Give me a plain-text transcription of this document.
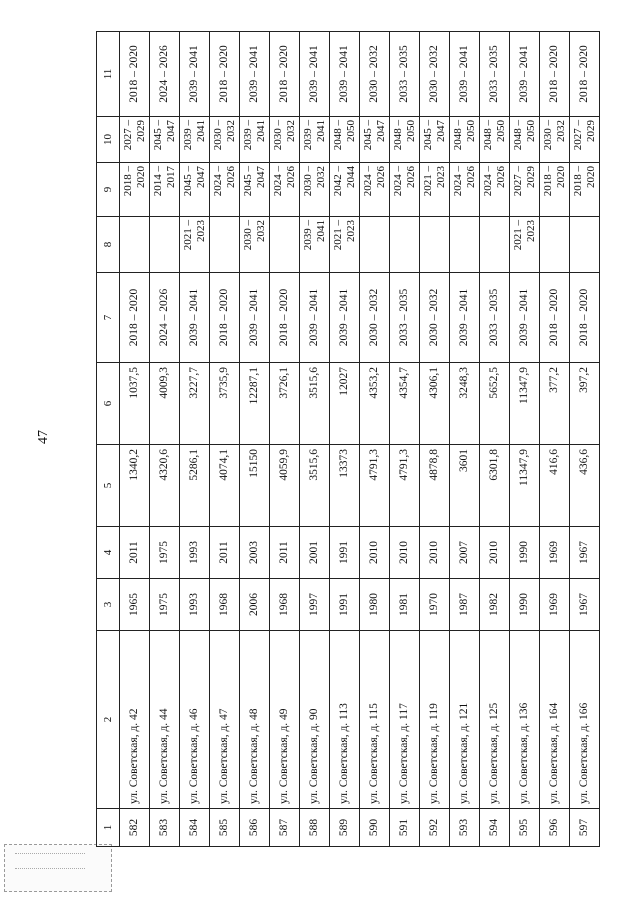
47
1	2	3	4	5	6	7	8	9	10	11
582	ул. Советская, д. 42	1965	2011	1340,2	1037,5	2018 – 2020		2018 – 2020	2027 – 2029	2018 – 2020
583	ул. Советская, д. 44	1975	1975	4320,6	4009,3	2024 – 2026		2014 – 2017	2045 – 2047	2024 – 2026
584	ул. Советская, д. 46	1993	1993	5286,1	3227,7	2039 – 2041	2021 – 2023	2045 – 2047	2039 – 2041	2039 – 2041
585	ул. Советская, д. 47	1968	2011	4074,1	3735,9	2018 – 2020		2024 – 2026	2030 – 2032	2018 – 2020
586	ул. Советская, д. 48	2006	2003	15150	12287,1	2039 – 2041	2030 – 2032	2045 – 2047	2039 – 2041	2039 – 2041
587	ул. Советская, д. 49	1968	2011	4059,9	3726,1	2018 – 2020		2024 – 2026	2030 – 2032	2018 – 2020
588	ул. Советская, д. 90	1997	2001	3515,6	3515,6	2039 – 2041	2039 – 2041	2030 – 2032	2039 – 2041	2039 – 2041
589	ул. Советская, д. 113	1991	1991	13373	12027	2039 – 2041	2021 – 2023	2042 – 2044	2048 – 2050	2039 – 2041
590	ул. Советская, д. 115	1980	2010	4791,3	4353,2	2030 – 2032		2024 – 2026	2045 – 2047	2030 – 2032
591	ул. Советская, д. 117	1981	2010	4791,3	4354,7	2033 – 2035		2024 – 2026	2048 – 2050	2033 – 2035
592	ул. Советская, д. 119	1970	2010	4878,8	4306,1	2030 – 2032		2021 – 2023	2045 – 2047	2030 – 2032
593	ул. Советская, д. 121	1987	2007	3601	3248,3	2039 – 2041		2024 – 2026	2048 – 2050	2039 – 2041
594	ул. Советская, д. 125	1982	2010	6301,8	5652,5	2033 – 2035		2024 – 2026	2048 – 2050	2033 – 2035
595	ул. Советская, д. 136	1990	1990	11347,9	11347,9	2039 – 2041	2021 – 2023	2027 – 2029	2048 – 2050	2039 – 2041
596	ул. Советская, д. 164	1969	1969	416,6	377,2	2018 – 2020		2018 – 2020	2030 – 2032	2018 – 2020
597	ул. Советская, д. 166	1967	1967	436,6	397,2	2018 – 2020		2018 – 2020	2027 – 2029	2018 – 2020
